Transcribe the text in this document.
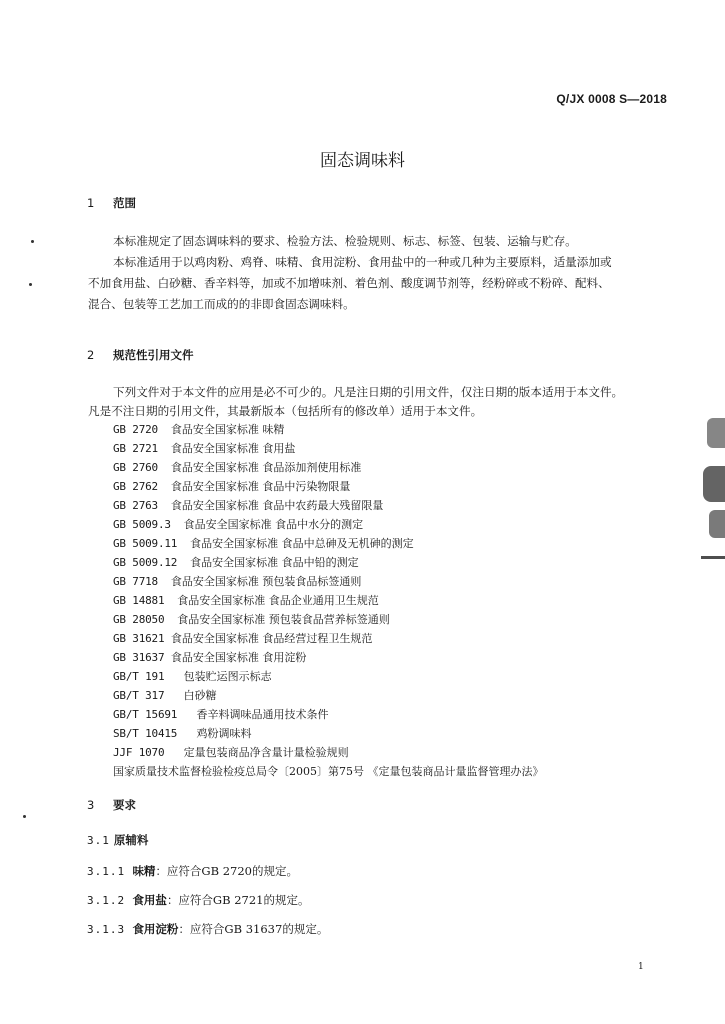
Q/JX 0008 S—2018
固态调味料
1 范围
本标准规定了固态调味料的要求、检验方法、检验规则、标志、标签、包装、运输与贮存。
本标准适用于以鸡肉粉、鸡脊、味精、食用淀粉、食用盐中的一种或几种为主要原料，适量添加或
不加食用盐、白砂糖、香辛料等，加或不加增味剂、着色剂、酸度调节剂等，经粉碎或不粉碎、配料、
混合、包装等工艺加工而成的的非即食固态调味料。
2 规范性引用文件
下列文件对于本文件的应用是必不可少的。凡是注日期的引用文件，仅注日期的版本适用于本文件。
凡是不注日期的引用文件，其最新版本（包括所有的修改单）适用于本文件。
GB 2720 食品安全国家标准 味精
GB 2721 食品安全国家标准 食用盐
GB 2760 食品安全国家标准 食品添加剂使用标准
GB 2762 食品安全国家标准 食品中污染物限量
GB 2763 食品安全国家标准 食品中农药最大残留限量
GB 5009.3 食品安全国家标准 食品中水分的测定
GB 5009.11 食品安全国家标准 食品中总砷及无机砷的测定
GB 5009.12 食品安全国家标准 食品中铅的测定
GB 7718 食品安全国家标准 预包装食品标签通则
GB 14881 食品安全国家标准 食品企业通用卫生规范
GB 28050 食品安全国家标准 预包装食品营养标签通则
GB 31621 食品安全国家标准 食品经营过程卫生规范
GB 31637 食品安全国家标准 食用淀粉
GB/T 191 包装贮运图示标志
GB/T 317 白砂糖
GB/T 15691 香辛料调味品通用技术条件
SB/T 10415 鸡粉调味料
JJF 1070 定量包装商品净含量计量检验规则
国家质量技术监督检验检疫总局令〔2005〕第75号 《定量包装商品计量监督管理办法》
3 要求
3.1 原辅料
3.1.1 味精：应符合GB 2720的规定。
3.1.2 食用盐：应符合GB 2721的规定。
3.1.3 食用淀粉：应符合GB 31637的规定。
1
